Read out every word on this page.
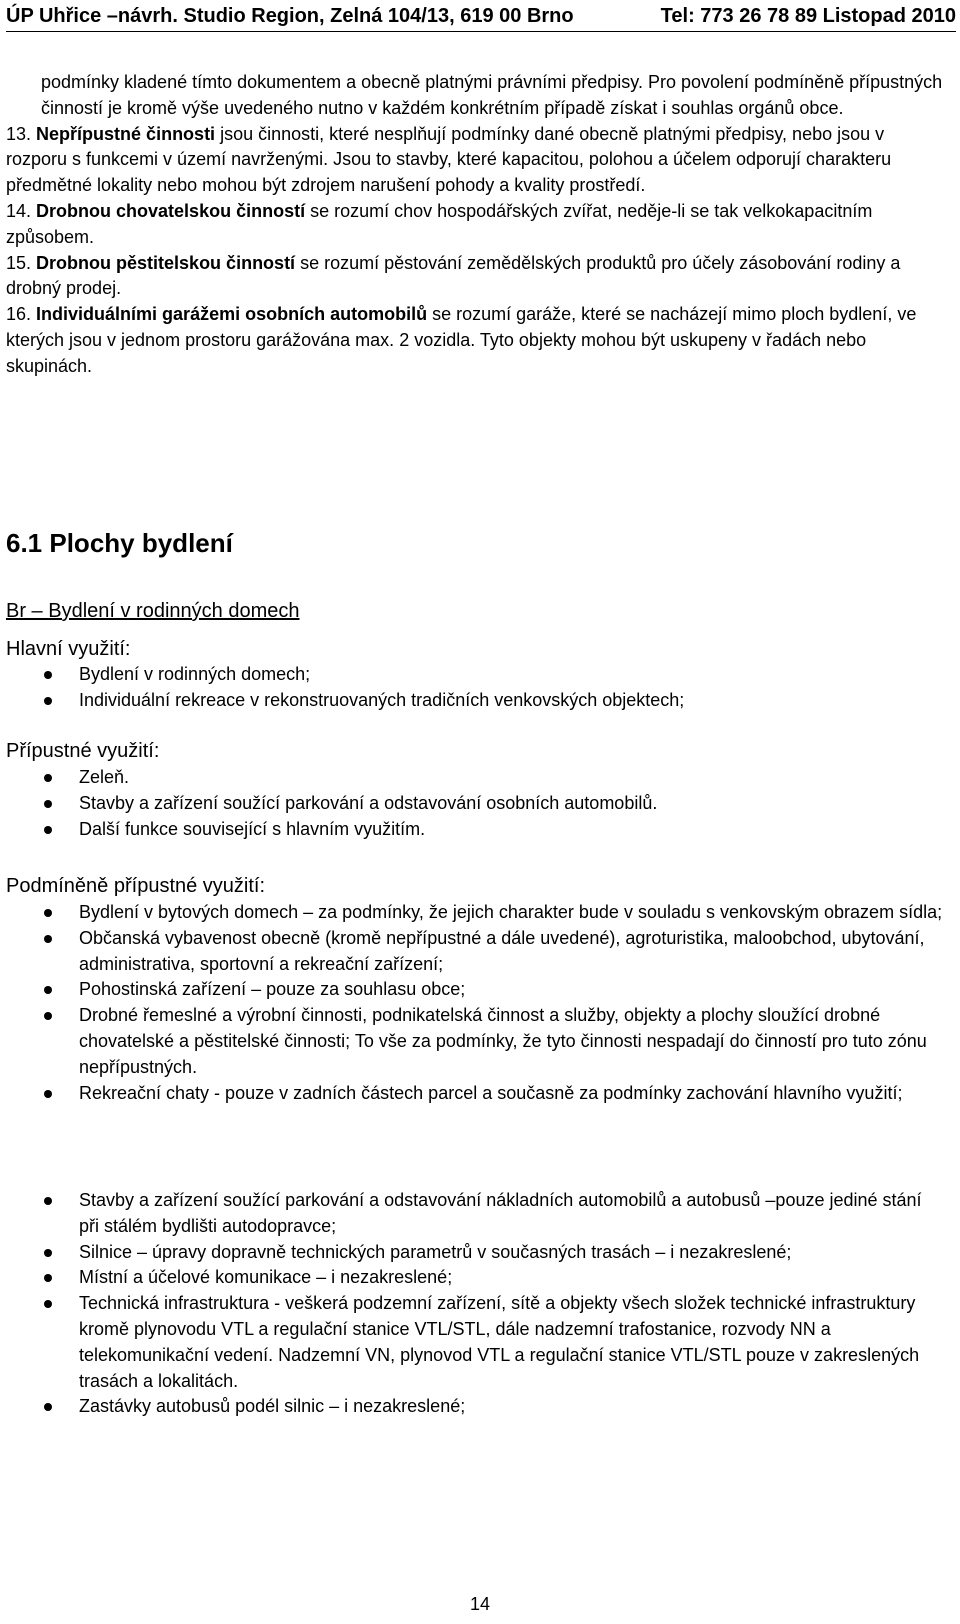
ÚP Uhřice –návrh. Studio Region, Zelná 104/13, 619 00 Brno	Tel: 773 26 78 89 Listopad 2010

podmínky kladené tímto dokumentem a obecně platnými právními předpisy. Pro povolení podmíněně přípustných činností je kromě výše uvedeného nutno v každém konkrétním případě získat i souhlas orgánů obce.

13. Nepřípustné činnosti jsou činnosti, které nesplňují podmínky dané obecně platnými předpisy, nebo jsou v rozporu s funkcemi v území navrženými. Jsou to stavby, které kapacitou, polohou a účelem odporují charakteru předmětné lokality nebo mohou být zdrojem narušení pohody a kvality prostředí.

14. Drobnou chovatelskou činností se rozumí chov hospodářských zvířat, neděje-li se tak velkokapacitním způsobem.

15. Drobnou pěstitelskou činností se rozumí pěstování zemědělských produktů pro účely zásobování rodiny a drobný prodej.

16. Individuálními garážemi osobních automobilů se rozumí garáže, které se nacházejí mimo ploch bydlení, ve kterých jsou v jednom prostoru garážována max. 2 vozidla. Tyto objekty mohou být uskupeny v řadách nebo skupinách.

6.1 Plochy bydlení
Br – Bydlení v rodinných domech
Hlavní využití:
Bydlení v rodinných domech;
Individuální rekreace v rekonstruovaných tradičních venkovských objektech;
Přípustné využití:
Zeleň.
Stavby a zařízení soužící parkování a odstavování osobních automobilů.
Další funkce související s hlavním využitím.
Podmíněně přípustné využití:
Bydlení v bytových domech – za podmínky, že jejich charakter bude v souladu s venkovským obrazem sídla;
Občanská vybavenost obecně (kromě nepřípustné a dále uvedené), agroturistika, maloobchod, ubytování, administrativa, sportovní a rekreační zařízení;
Pohostinská zařízení – pouze za souhlasu obce;
Drobné řemeslné a výrobní činnosti, podnikatelská činnost a služby, objekty a plochy sloužící drobné chovatelské a pěstitelské činnosti; To vše za podmínky, že tyto činnosti nespadají do činností pro tuto zónu nepřípustných.
Rekreační chaty - pouze v zadních částech parcel a současně za podmínky zachování hlavního využití;
Stavby a zařízení soužící parkování a odstavování nákladních automobilů a autobusů –pouze jediné stání při stálém bydlišti autodopravce;
Silnice – úpravy dopravně technických parametrů v současných trasách – i nezakreslené;
Místní a účelové komunikace – i nezakreslené;
Technická infrastruktura - veškerá podzemní zařízení, sítě a objekty všech složek technické infrastruktury kromě plynovodu VTL a regulační stanice VTL/STL, dále nadzemní trafostanice, rozvody NN a telekomunikační vedení. Nadzemní VN, plynovod VTL a regulační stanice VTL/STL pouze v zakreslených trasách a lokalitách.
Zastávky autobusů podél silnic – i nezakreslené;
14
